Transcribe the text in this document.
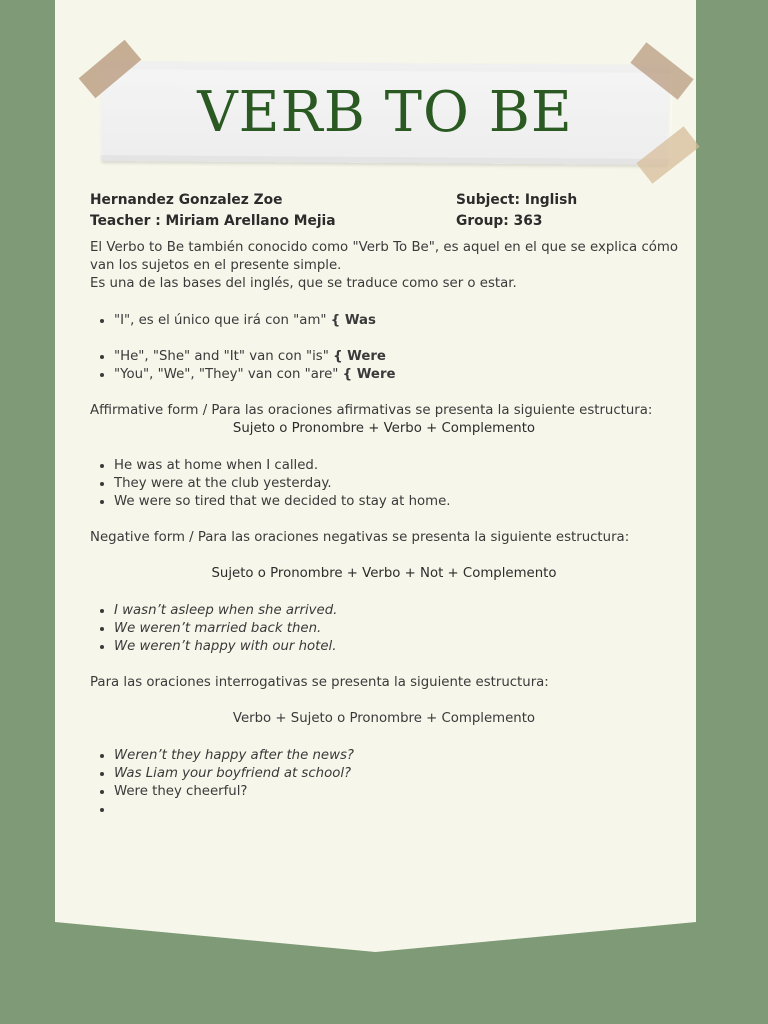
VERB TO BE
Hernandez Gonzalez Zoe
Teacher : Miriam Arellano Mejia
Subject: Inglish
Group: 363

El Verbo to Be también conocido como "Verb To Be", es aquel en el que se explica cómo van los sujetos en el presente simple.

Es una de las bases del inglés, que se traduce como ser o estar.

• "I", es el único que irá con "am" { Was
• "He", "She" and "It" van con "is" { Were
• "You", "We", "They" van con "are" { Were

Affirmative form / Para las oraciones afirmativas se presenta la siguiente estructura:

Sujeto o Pronombre + Verbo + Complemento

• He was at home when I called.
• They were at the club yesterday.
• We were so tired that we decided to stay at home.

Negative form / Para las oraciones negativas se presenta la siguiente estructura:

Sujeto o Pronombre + Verbo + Not + Complemento

• I wasn’t asleep when she arrived.
• We weren’t married back then.
• We weren’t happy with our hotel.

Para las oraciones interrogativas se presenta la siguiente estructura:

Verbo + Sujeto o Pronombre + Complemento

• Weren’t they happy after the news?
• Was Liam your boyfriend at school?
• Were they cheerful?
•
